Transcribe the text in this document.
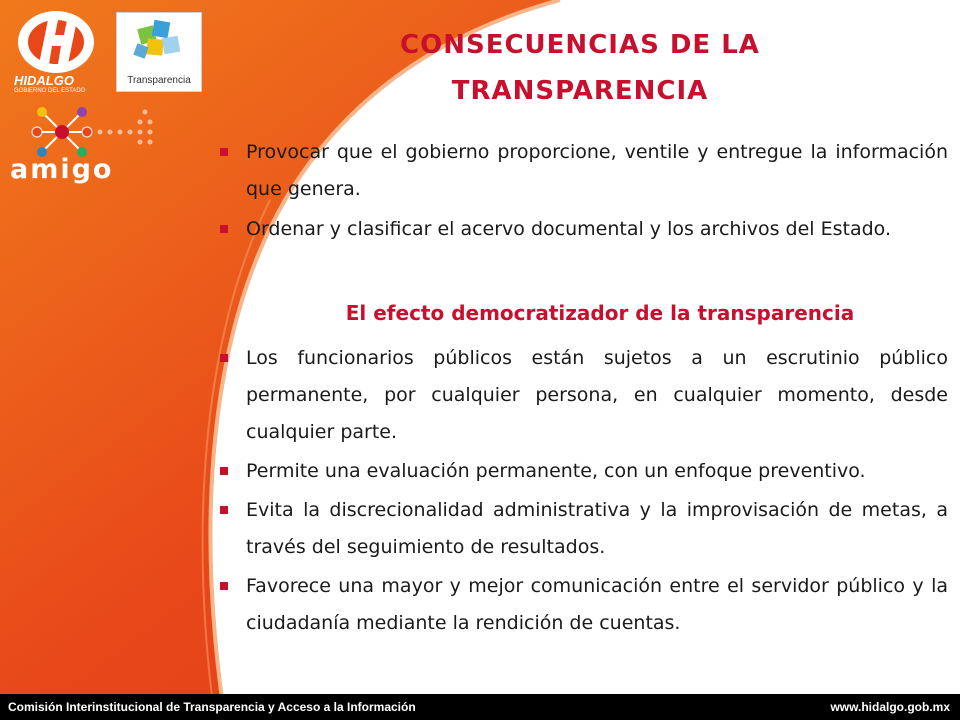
HIDALGO
GOBIERNO DEL ESTADO
Transparencia
amigo
CONSECUENCIAS DE LA
TRANSPARENCIA
Provocar que el gobierno proporcione, ventile y entregue la información que genera.
Ordenar y clasificar el acervo documental y los archivos del Estado.
El efecto democratizador de la transparencia
Los funcionarios públicos están sujetos a un escrutinio público permanente, por cualquier persona, en cualquier momento, desde cualquier parte.
Permite una evaluación permanente, con un enfoque preventivo.
Evita la discrecionalidad administrativa y la improvisación de metas, a través del seguimiento de resultados.
Favorece una mayor y mejor comunicación entre el servidor público y la ciudadanía mediante la rendición de cuentas.
Comisión Interinstitucional de Transparencia y Acceso a la Información	www.hidalgo.gob.mx
